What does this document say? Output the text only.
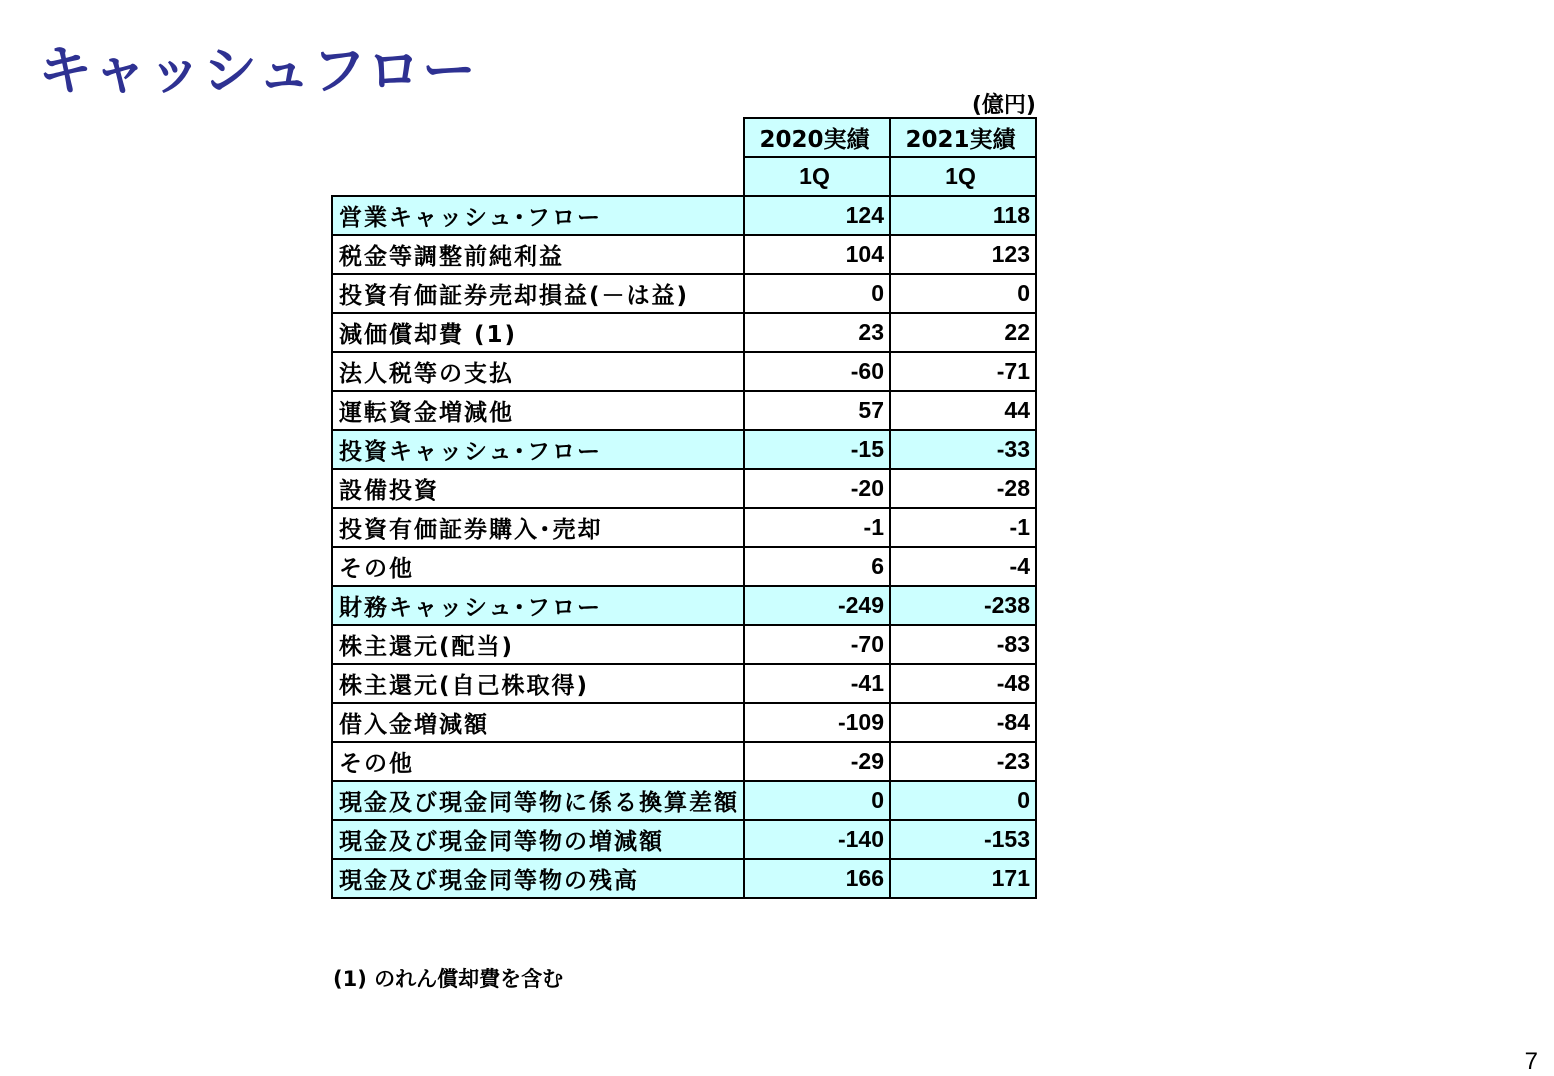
キャッシュフロー
(億円)
	2020実績	2021実績
	1Q	1Q
営業キャッシュ･フロー	124	118
税金等調整前純利益	104	123
投資有価証券売却損益(－は益)	0	0
減価償却費 (1)	23	22
法人税等の支払	-60	-71
運転資金増減他	57	44
投資キャッシュ･フロー	-15	-33
設備投資	-20	-28
投資有価証券購入･売却	-1	-1
その他	6	-4
財務キャッシュ･フロー	-249	-238
株主還元(配当)	-70	-83
株主還元(自己株取得)	-41	-48
借入金増減額	-109	-84
その他	-29	-23
現金及び現金同等物に係る換算差額	0	0
現金及び現金同等物の増減額	-140	-153
現金及び現金同等物の残高	166	171
(1) のれん償却費を含む
7
